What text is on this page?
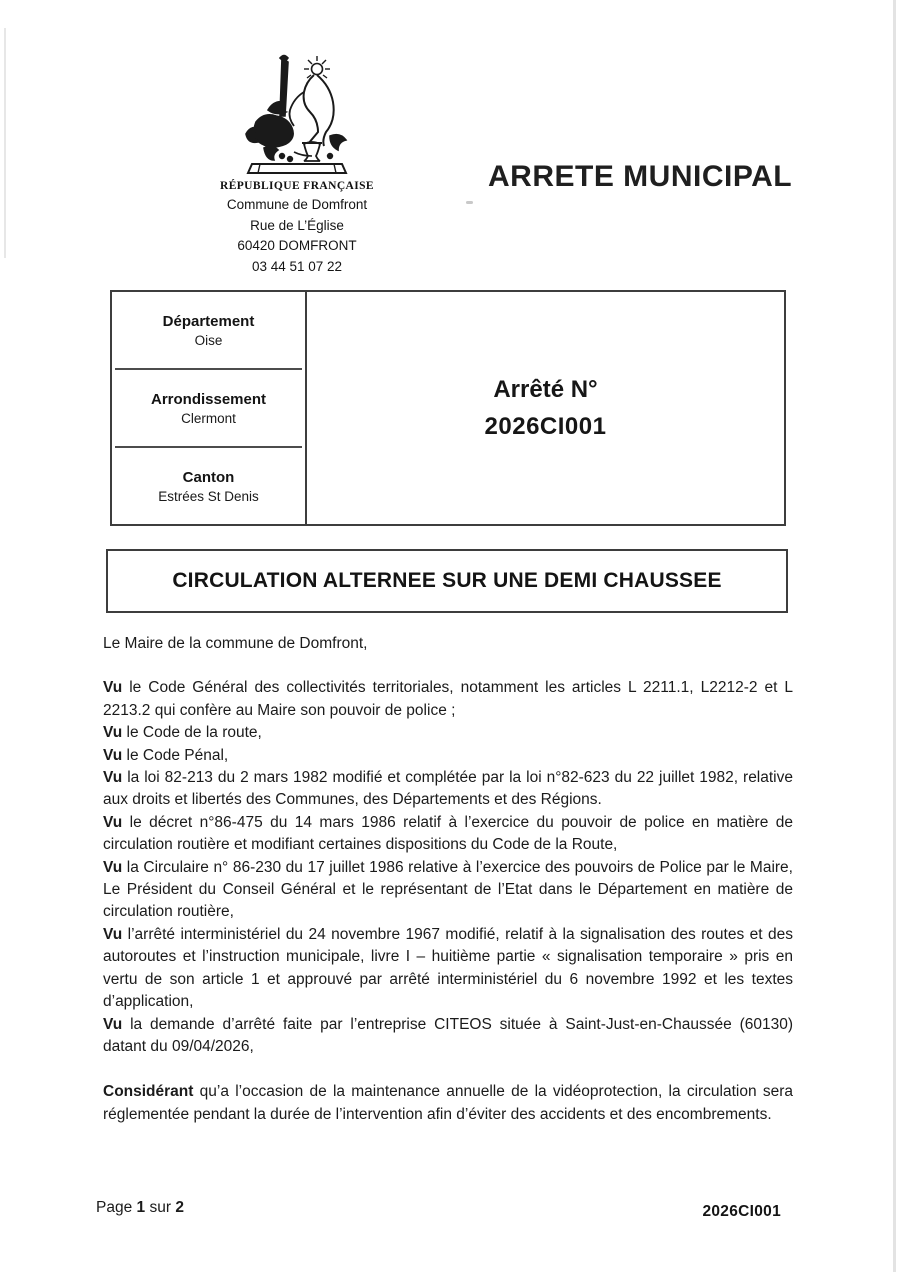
RÉPUBLIQUE FRANÇAISE
Commune de Domfront
Rue de L’Église
60420 DOMFRONT
03 44 51 07 22
ARRETE MUNICIPAL
Département
Oise
Arrondissement
Clermont
Canton
Estrées St Denis
Arrêté N°
2026CI001
CIRCULATION ALTERNEE SUR UNE DEMI CHAUSSEE

Le Maire de la commune de Domfront,

Vu le Code Général des collectivités territoriales, notamment les articles L 2211.1, L2212-2 et L 2213.2 qui confère au Maire son pouvoir de police ;

Vu le Code de la route,

Vu le Code Pénal,

Vu la loi 82-213 du 2 mars 1982 modifié et complétée par la loi n°82-623 du 22 juillet 1982, relative aux droits et libertés des Communes, des Départements et des Régions.

Vu le décret n°86-475 du 14 mars 1986 relatif à l’exercice du pouvoir de police en matière de circulation routière et modifiant certaines dispositions du Code de la Route,

Vu la Circulaire n° 86-230 du 17 juillet 1986 relative à l’exercice des pouvoirs de Police par le Maire, Le Président du Conseil Général et le représentant de l’Etat dans le Département en matière de circulation routière,

Vu l’arrêté interministériel du 24 novembre 1967 modifié, relatif à la signalisation des routes et des autoroutes et l’instruction municipale, livre I – huitième partie « signalisation temporaire » pris en vertu de son article 1 et approuvé par arrêté interministériel du 6 novembre 1992 et les textes d’application,

Vu la demande d’arrêté faite par l’entreprise CITEOS située à Saint-Just-en-Chaussée (60130) datant du 09/04/2026,

Considérant qu’a l’occasion de la maintenance annuelle de la vidéoprotection, la circulation sera réglementée pendant la durée de l’intervention afin d’éviter des accidents et des encombrements.

Page 1 sur 2	2026CI001
